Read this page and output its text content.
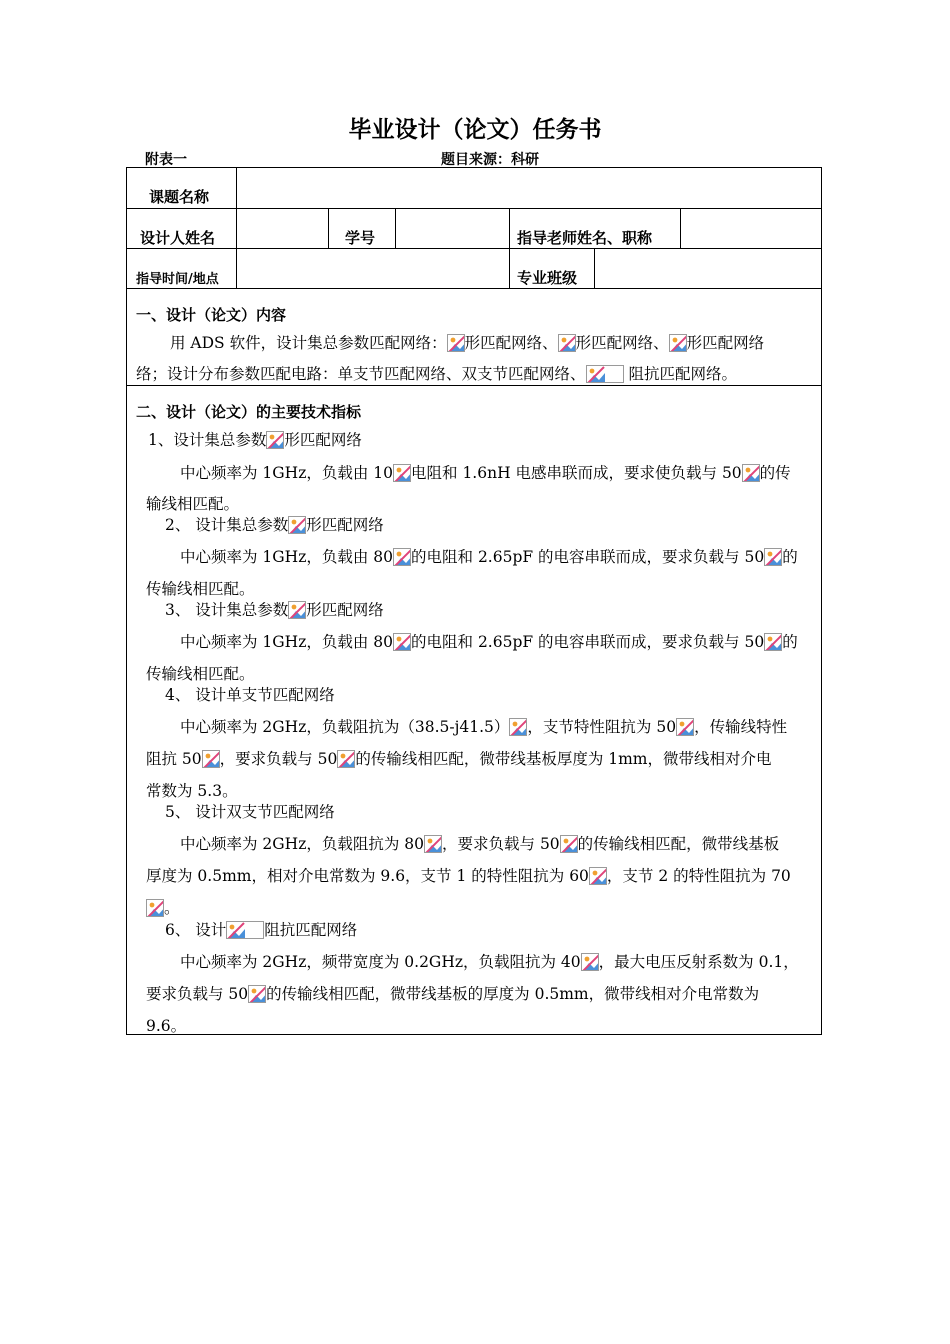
毕业设计（论文）任务书
附表一	题目来源：科研
课题名称
设计人姓名	学号	指导老师姓名、职称
指导时间/地点	专业班级
一、设计（论文）内容
用 ADS 软件，设计集总参数匹配网络： 形匹配网络、 形匹配网络、 形匹配网络
络；设计分布参数匹配电路：单支节匹配网络、双支节匹配网络、	阻抗匹配网络。
二、设计（论文）的主要技术指标
1、设计集总参数 形匹配网络
中心频率为 1GHz，负载由 10 电阻和 1.6nH 电感串联而成，要求使负载与 50 的传
输线相匹配。
2、 设计集总参数 形匹配网络
中心频率为 1GHz，负载由 80 的电阻和 2.65pF 的电容串联而成，要求负载与 50 的
传输线相匹配。
3、 设计集总参数 形匹配网络
中心频率为 1GHz，负载由 80 的电阻和 2.65pF 的电容串联而成，要求负载与 50 的
传输线相匹配。
4、 设计单支节匹配网络
中心频率为 2GHz，负载阻抗为（38.5-j41.5） ，支节特性阻抗为 50 ，传输线特性
阻抗 50 ，要求负载与 50 的传输线相匹配，微带线基板厚度为 1mm，微带线相对介电
常数为 5.3。
5、 设计双支节匹配网络
中心频率为 2GHz，负载阻抗为 80 ，要求负载与 50 的传输线相匹配，微带线基板
厚度为 0.5mm，相对介电常数为 9.6，支节 1 的特性阻抗为 60 ，支节 2 的特性阻抗为 70
。
6、 设计 阻抗匹配网络
中心频率为 2GHz，频带宽度为 0.2GHz，负载阻抗为 40 ，最大电压反射系数为 0.1，
要求负载与 50 的传输线相匹配，微带线基板的厚度为 0.5mm，微带线相对介电常数为
9.6。
